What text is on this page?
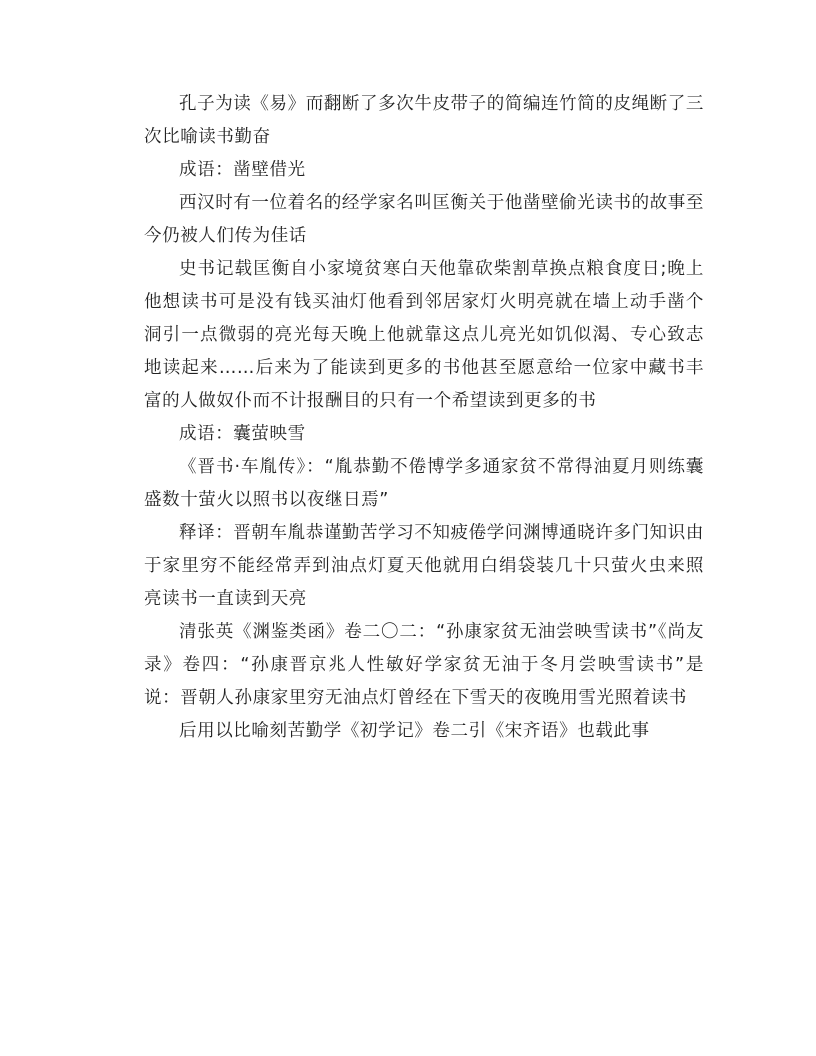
孔子为读《易》而翻断了多次牛皮带子的简编连竹简的皮绳断了三次比喻读书勤奋

成语：凿壁借光

西汉时有一位着名的经学家名叫匡衡关于他凿壁偷光读书的故事至今仍被人们传为佳话

史书记载匡衡自小家境贫寒白天他靠砍柴割草换点粮食度日;晚上他想读书可是没有钱买油灯他看到邻居家灯火明亮就在墙上动手凿个洞引一点微弱的亮光每天晚上他就靠这点儿亮光如饥似渴、专心致志地读起来……后来为了能读到更多的书他甚至愿意给一位家中藏书丰富的人做奴仆而不计报酬目的只有一个希望读到更多的书

成语：囊萤映雪

《晋书·车胤传》：“胤恭勤不倦博学多通家贫不常得油夏月则练囊盛数十萤火以照书以夜继日焉”

释译：晋朝车胤恭谨勤苦学习不知疲倦学问渊博通晓许多门知识由于家里穷不能经常弄到油点灯夏天他就用白绢袋装几十只萤火虫来照亮读书一直读到天亮

清张英《渊鉴类函》卷二〇二：“孙康家贫无油尝映雪读书”《尚友录》卷四：“孙康晋京兆人性敏好学家贫无油于冬月尝映雪读书”是说：晋朝人孙康家里穷无油点灯曾经在下雪天的夜晚用雪光照着读书

后用以比喻刻苦勤学《初学记》卷二引《宋齐语》也载此事
